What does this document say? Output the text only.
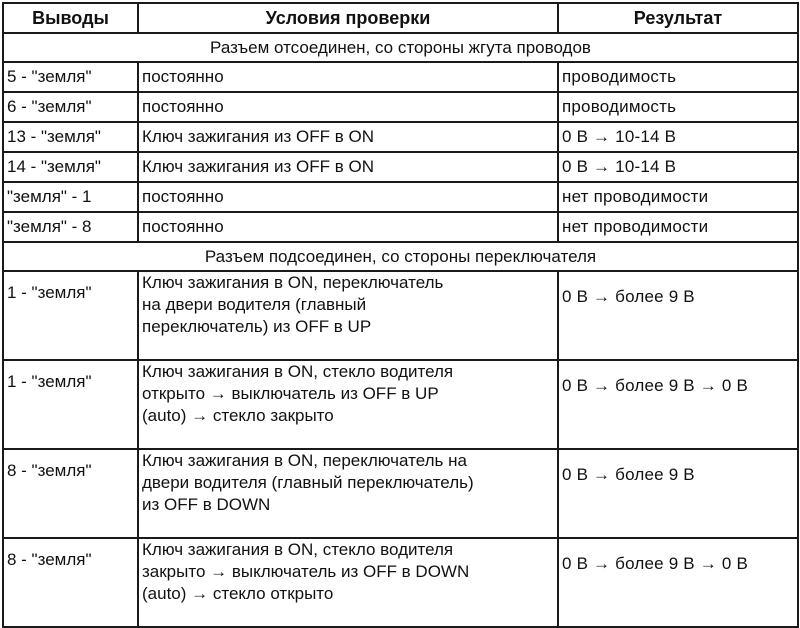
Выводы	Условия проверки	Результат
Разъем отсоединен, со стороны жгута проводов		
5 - "земля"	постоянно	проводимость
6 - "земля"	постоянно	проводимость
13 - "земля"	Ключ зажигания из OFF в ON	0 В → 10-14 В
14 - "земля"	Ключ зажигания из OFF в ON	0 В → 10-14 В
"земля" - 1	постоянно	нет проводимости
"земля" - 8	постоянно	нет проводимости
Разъем подсоединен, со стороны переключателя		
1 - "земля"	Ключ зажигания в ON, переключатель
на двери водителя (главный
переключатель) из OFF в UP	0 В → более 9 В
1 - "земля"	Ключ зажигания в ON, стекло водителя
открыто → выключатель из OFF в UP
(auto) → стекло закрыто	0 В → более 9 В → 0 В
8 - "земля"	Ключ зажигания в ON, переключатель на
двери водителя (главный переключатель)
из OFF в DOWN	0 В → более 9 В
8 - "земля"	Ключ зажигания в ON, стекло водителя
закрыто → выключатель из OFF в DOWN
(auto) → стекло открыто	0 В → более 9 В → 0 В
